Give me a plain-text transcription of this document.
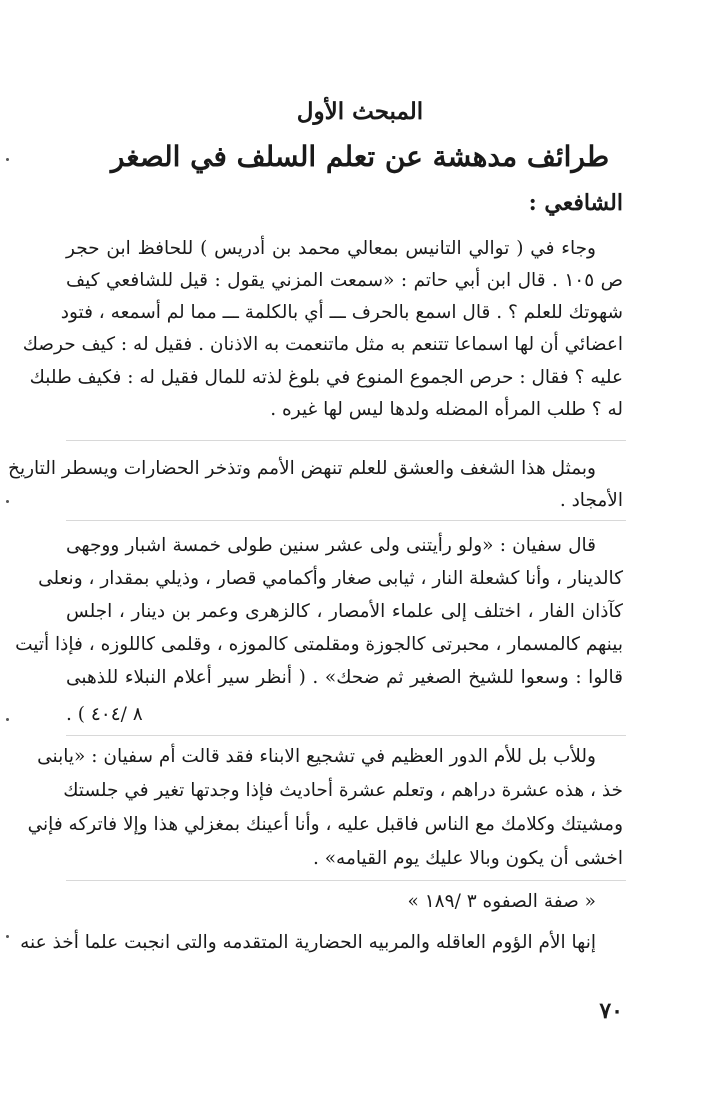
المبحث الأول
طرائف مدهشة عن تعلم السلف في الصغر
الشافعي :
وجاء في ( توالي التانيس بمعالي محمد بن أدريس ) للحافظ ابن حجر
ص ١٠٥ . قال ابن أبي حاتم : «سمعت المزني يقول : قيل للشافعي كيف
شهوتك للعلم ؟ . قال اسمع بالحرف ـــ أي بالكلمة ـــ مما لم أسمعه ، فتود
اعضائي أن لها اسماعا تتنعم به مثل ماتنعمت به الاذنان . فقيل له : كيف حرصك
عليه ؟ فقال : حرص الجموع المنوع في بلوغ لذته للمال فقيل له : فكيف طلبك
له ؟ طلب المرأه المضله ولدها ليس لها غيره .
وبمثل هذا الشغف والعشق للعلم تنهض الأمم وتذخر الحضارات ويسطر التاريخ
الأمجاد .
قال سفيان : «ولو رأيتنى ولى عشر سنين طولى خمسة اشبار ووجهى
كالدينار ، وأنا كشعلة النار ، ثيابى صغار وأكمامي قصار ، وذيلي بمقدار ، ونعلى
كآذان الفار ، اختلف إلى علماء الأمصار ، كالزهرى وعمر بن دينار ، اجلس
بينهم كالمسمار ، محبرتى كالجوزة ومقلمتى كالموزه ، وقلمى كاللوزه ، فإذا أتيت
قالوا : وسعوا للشيخ الصغير ثم ضحك» . ( أنظر سير أعلام النبلاء للذهبى
٨ /٤٠٤ ) .
وللأب بل للأم الدور العظيم في تشجيع الابناء فقد قالت أم سفيان : «يابنى
خذ ، هذه عشرة دراهم ، وتعلم عشرة أحاديث فإذا وجدتها تغير في جلستك
ومشيتك وكلامك مع الناس فاقبل عليه ، وأنا أعينك بمغزلي هذا وإلا فاتركه فإني
اخشى أن يكون وبالا عليك يوم القيامه» .
« صفة الصفوه ٣ /١٨٩ »
إنها الأم الؤوم العاقله والمربيه الحضارية المتقدمه والتى انجبت علما أخذ عنه
٧٠
